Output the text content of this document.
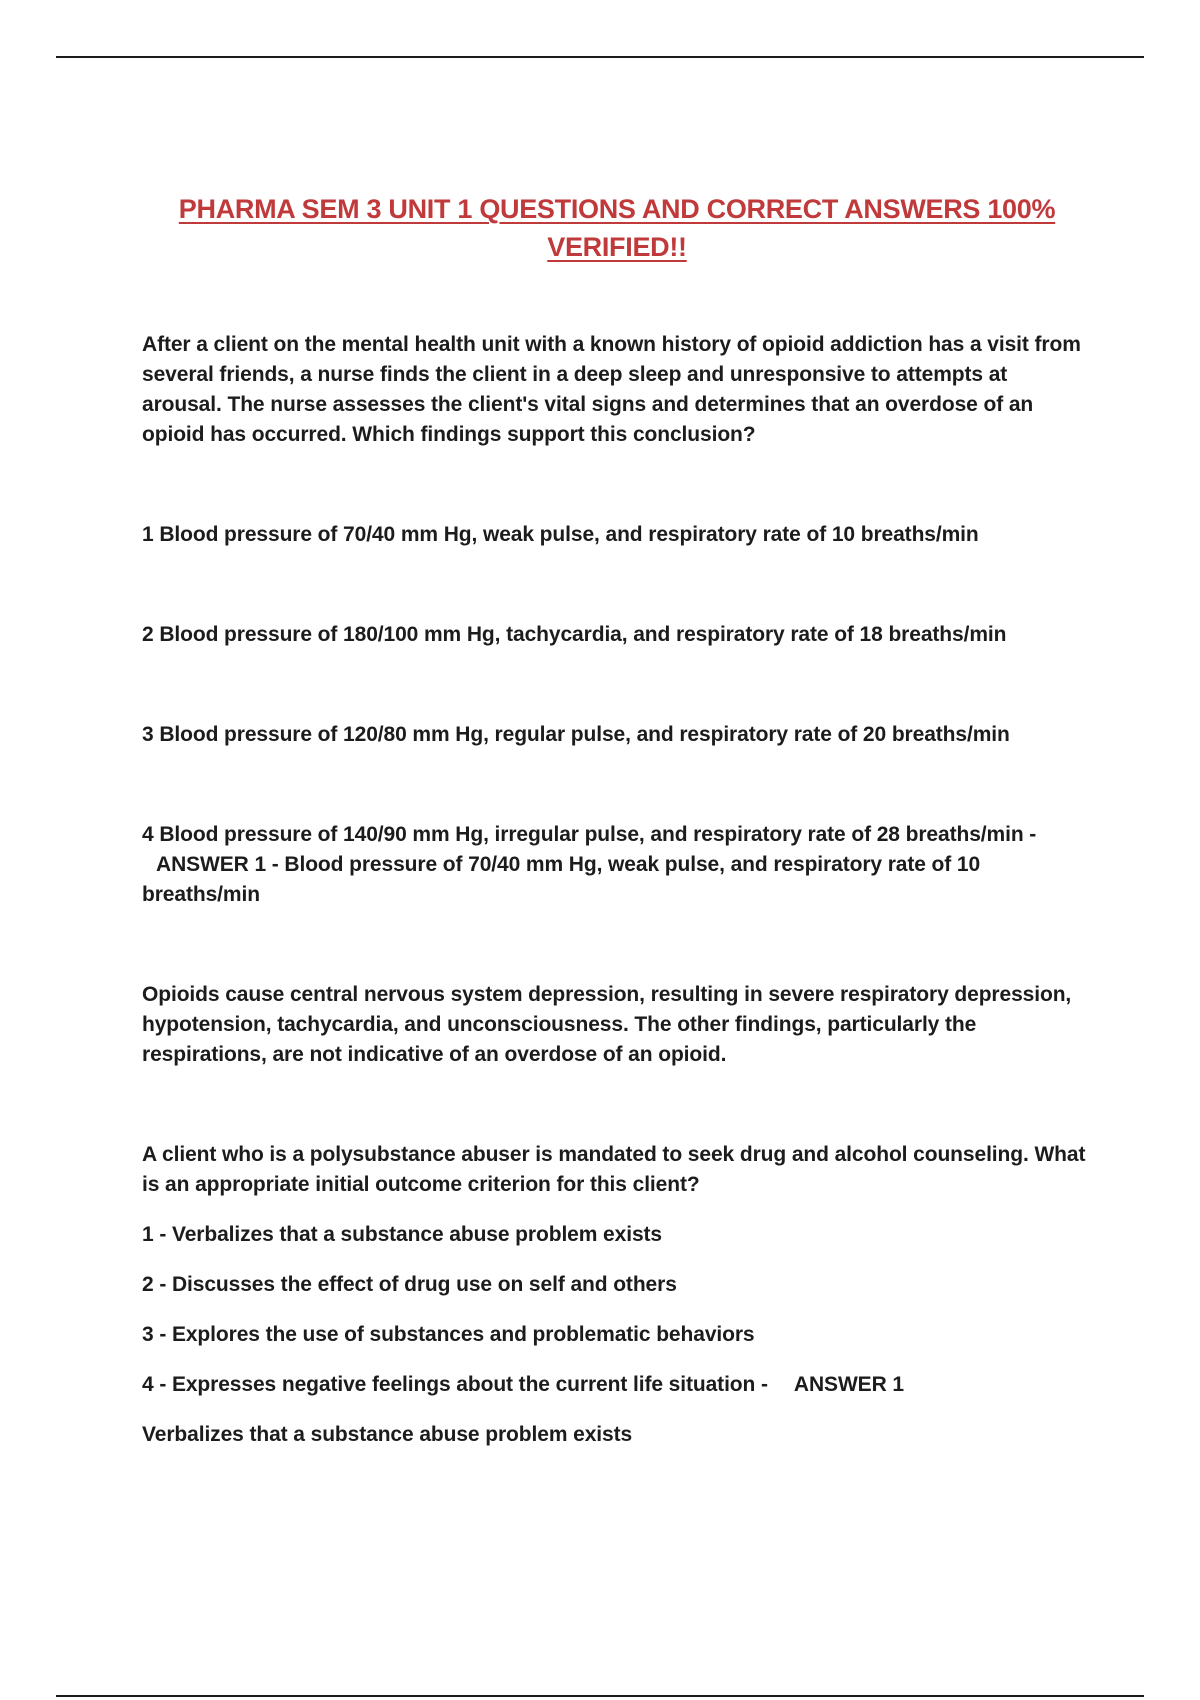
PHARMA SEM 3 UNIT 1 QUESTIONS AND CORRECT ANSWERS 100% VERIFIED!!

After a client on the mental health unit with a known history of opioid addiction has a visit from several friends, a nurse finds the client in a deep sleep and unresponsive to attempts at arousal. The nurse assesses the client's vital signs and determines that an overdose of an opioid has occurred. Which findings support this conclusion?

1 Blood pressure of 70/40 mm Hg, weak pulse, and respiratory rate of 10 breaths/min

2 Blood pressure of 180/100 mm Hg, tachycardia, and respiratory rate of 18 breaths/min

3 Blood pressure of 120/80 mm Hg, regular pulse, and respiratory rate of 20 breaths/min

4 Blood pressure of 140/90 mm Hg, irregular pulse, and respiratory rate of 28 breaths/min -ANSWER 1 - Blood pressure of 70/40 mm Hg, weak pulse, and respiratory rate of 10 breaths/min

Opioids cause central nervous system depression, resulting in severe respiratory depression, hypotension, tachycardia, and unconsciousness. The other findings, particularly the respirations, are not indicative of an overdose of an opioid.

A client who is a polysubstance abuser is mandated to seek drug and alcohol counseling. What is an appropriate initial outcome criterion for this client?

1 - Verbalizes that a substance abuse problem exists

2 - Discusses the effect of drug use on self and others

3 - Explores the use of substances and problematic behaviors

4 - Expresses negative feelings about the current life situation - ANSWER 1

Verbalizes that a substance abuse problem exists
